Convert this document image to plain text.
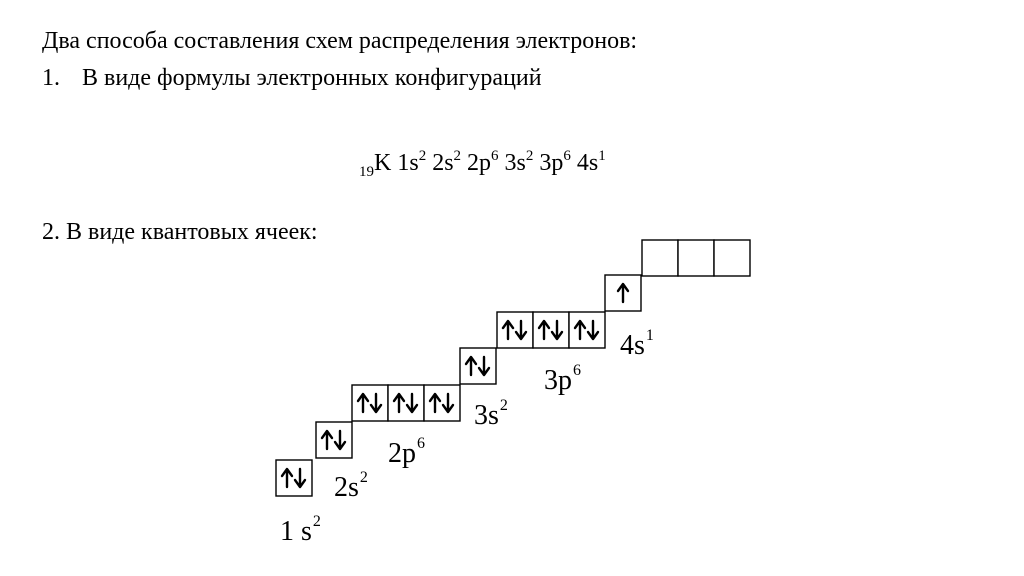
Два способа составления схем распределения электронов:
1. В виде формулы электронных конфигураций
$_{19}$K $1s^2$ $2s^2$ $2p^6$ $3s^2$ $3p^6$ $4s^1$
2. В виде квантовых ячеек:
1 $s^2$
$2s^2$
$2p^6$
$3s^2$
$3p^6$
$4s^1$
